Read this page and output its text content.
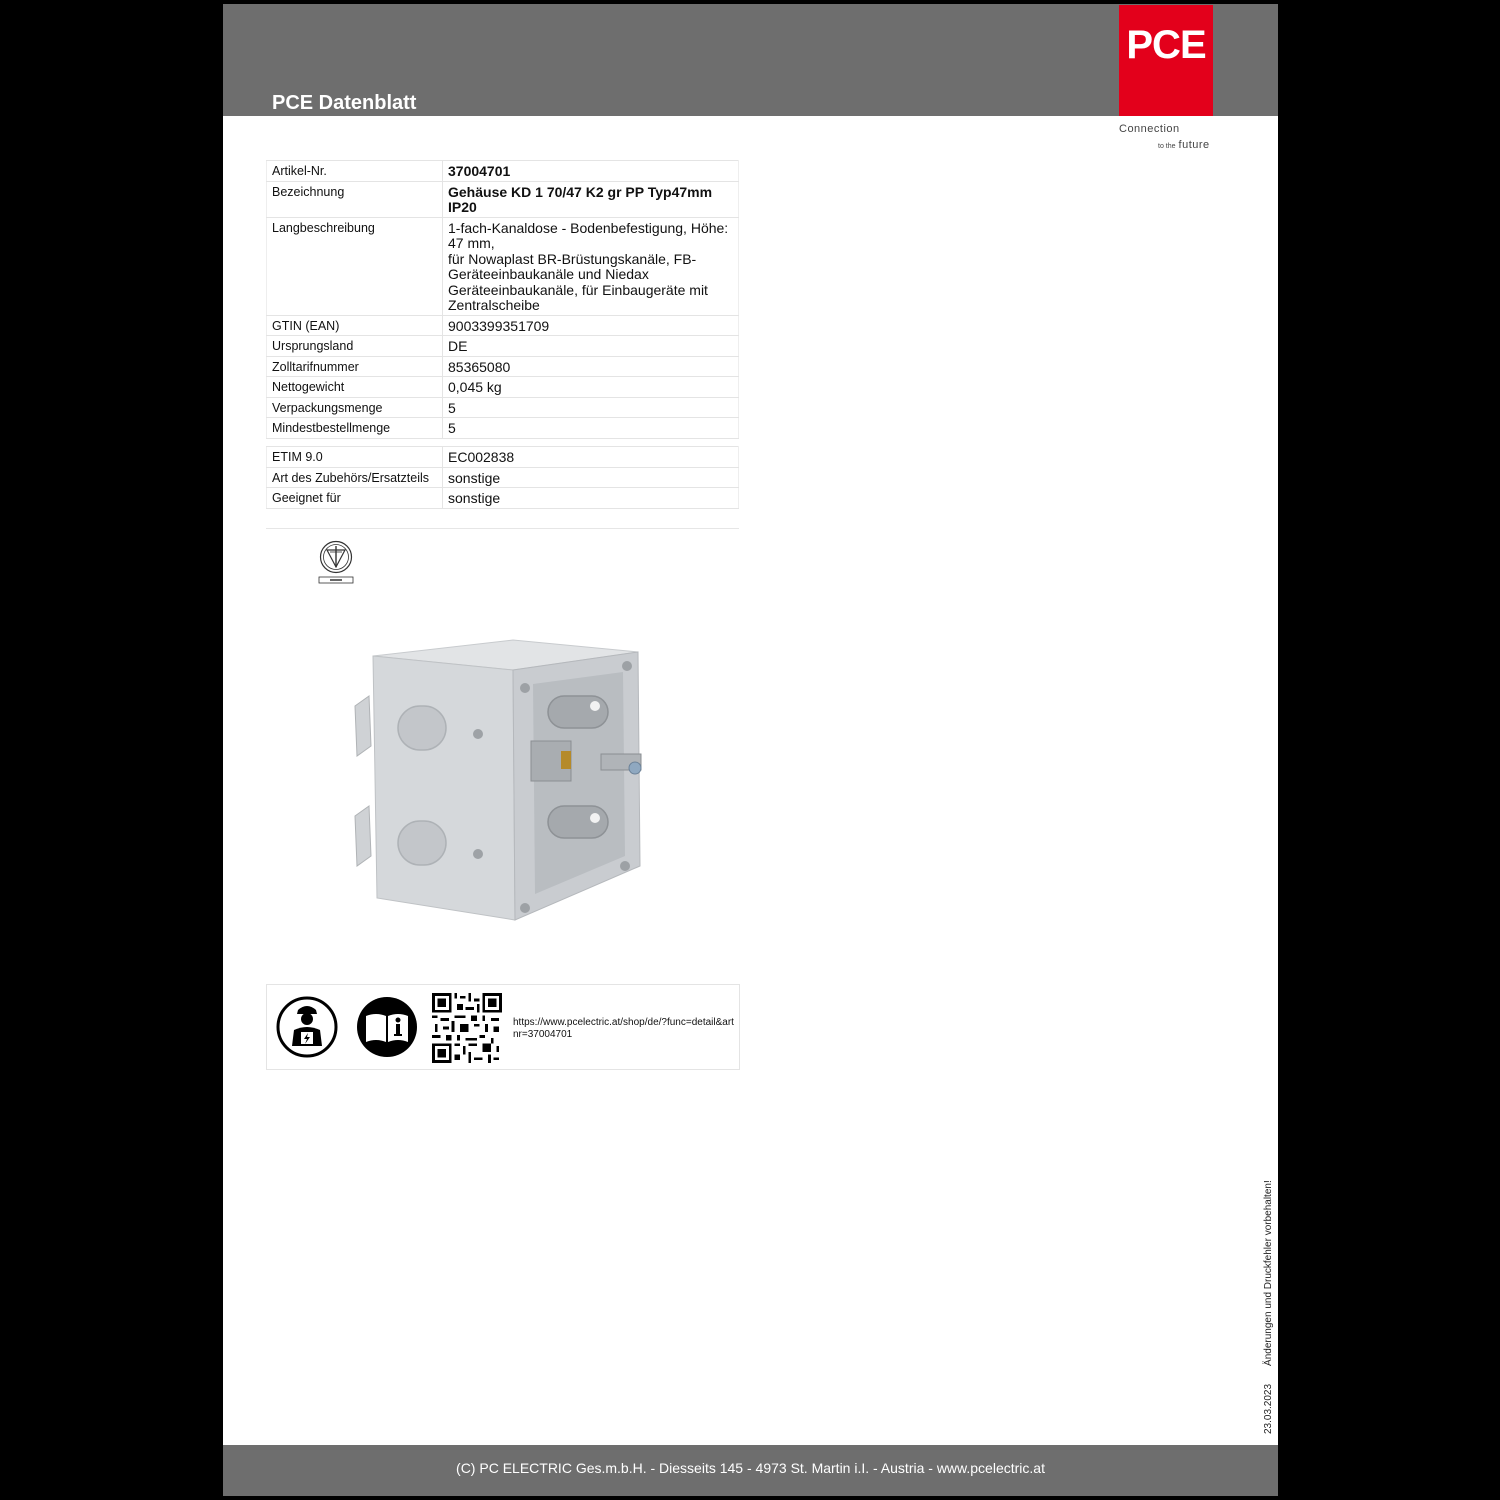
PCE Datenblatt
PCE
Connection
to the future
Artikel-Nr.	37004701
Bezeichnung	Gehäuse KD 1 70/47 K2 gr PP Typ47mm IP20
Langbeschreibung	1-fach-Kanaldose - Bodenbefestigung, Höhe: 47 mm,
für Nowaplast BR-Brüstungskanäle, FB-Geräteeinbaukanäle und Niedax Geräteeinbaukanäle, für Einbaugeräte mit Zentralscheibe
GTIN (EAN)	9003399351709
Ursprungsland	DE
Zolltarifnummer	85365080
Nettogewicht	0,045 kg
Verpackungsmenge	5
Mindestbestellmenge	5
ETIM 9.0	EC002838
Art des Zubehörs/Ersatzteils	sonstige
Geeignet für	sonstige
https://www.pcelectric.at/shop/de/?func=detail&artnr=37004701
23.03.2023Änderungen und Druckfehler vorbehalten!
(C) PC ELECTRIC Ges.m.b.H. - Diesseits 145 - 4973 St. Martin i.I. - Austria - www.pcelectric.at
